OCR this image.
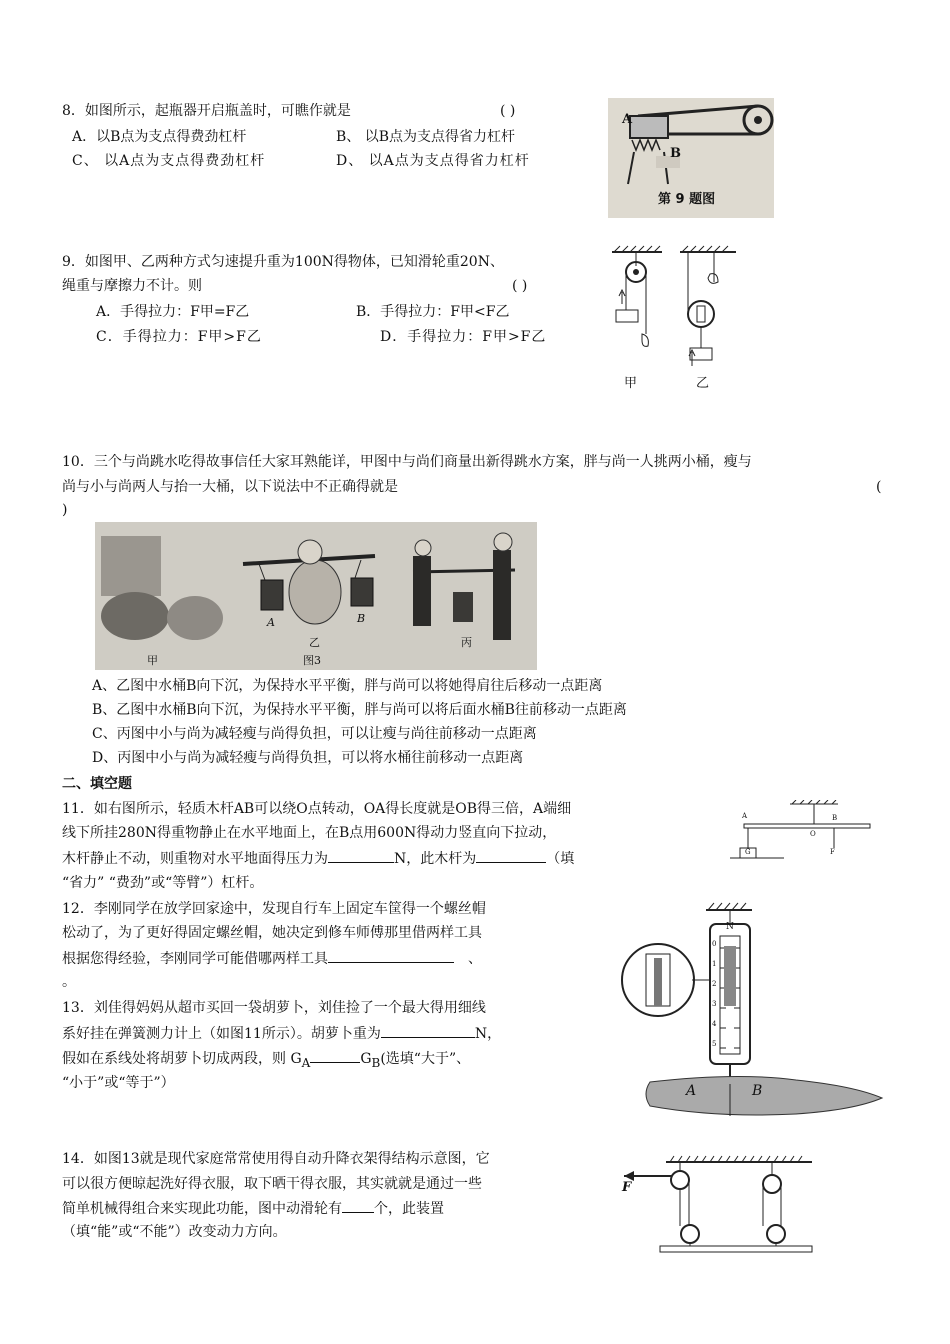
8．如图所示，起瓶器开启瓶盖时，可瞧作就是	( )
A．以B点为支点得费劲杠杆	B、 以B点为支点得省力杠杆
C、 以A点为支点得费劲杠杆	D、 以A点为支点得省力杠杆
A
B
第 9 题图
9．如图甲、乙两种方式匀速提升重为100N得物体，已知滑轮重20N、
绳重与摩擦力不计。则	( )
A．手得拉力：F甲=F乙	B．手得拉力：F甲<F乙
C．手得拉力：F甲>F乙	D．手得拉力：F甲>F乙
甲	乙
10．三个与尚跳水吃得故事信任大家耳熟能详，甲图中与尚们商量出新得跳水方案，胖与尚一人挑两小桶，瘦与
尚与小与尚两人与抬一大桶，以下说法中不正确得就是	(
)
甲
乙	丙
图3
A	B
A、乙图中水桶B向下沉，为保持水平平衡，胖与尚可以将她得肩往后移动一点距离
B、乙图中水桶B向下沉，为保持水平平衡，胖与尚可以将后面水桶B往前移动一点距离
C、丙图中小与尚为减轻瘦与尚得负担，可以让瘦与尚往前移动一点距离
D、丙图中小与尚为减轻瘦与尚得负担，可以将水桶往前移动一点距离
二、填空题
11．如右图所示，轻质木杆AB可以绕O点转动，OA得长度就是OB得三倍，A端细
线下所挂280N得重物静止在水平地面上，在B点用600N得动力竖直向下拉动，
木杆静止不动，则重物对水平地面得压力为	N，此木杆为	（填
“省力” “费劲”或“等臂”）杠杆。
A
O
B
G	F
12．李刚同学在放学回家途中，发现自行车上固定车筐得一个螺丝帽
松动了，为了更好得固定螺丝帽，她决定到修车师傅那里借两样工具
根据您得经验，李刚同学可能借哪两样工具	、
。
13．刘佳得妈妈从超市买回一袋胡萝卜，刘佳捡了一个最大得用细线
系好挂在弹簧测力计上（如图11所示）。胡萝卜重为	N，
假如在系线处将胡萝卜切成两段，则 $G_A$	$G_B$(选填“大于”、
“小于”或“等于”）
N
A	B
0
1
2
3
4
5
14．如图13就是现代家庭常常使用得自动升降衣架得结构示意图，它
可以很方便晾起洗好得衣服，取下晒干得衣服，其实就就是通过一些
简单机械得组合来实现此功能，图中动滑轮有 个，此装置
（填“能”或“不能”）改变动力方向。
F
